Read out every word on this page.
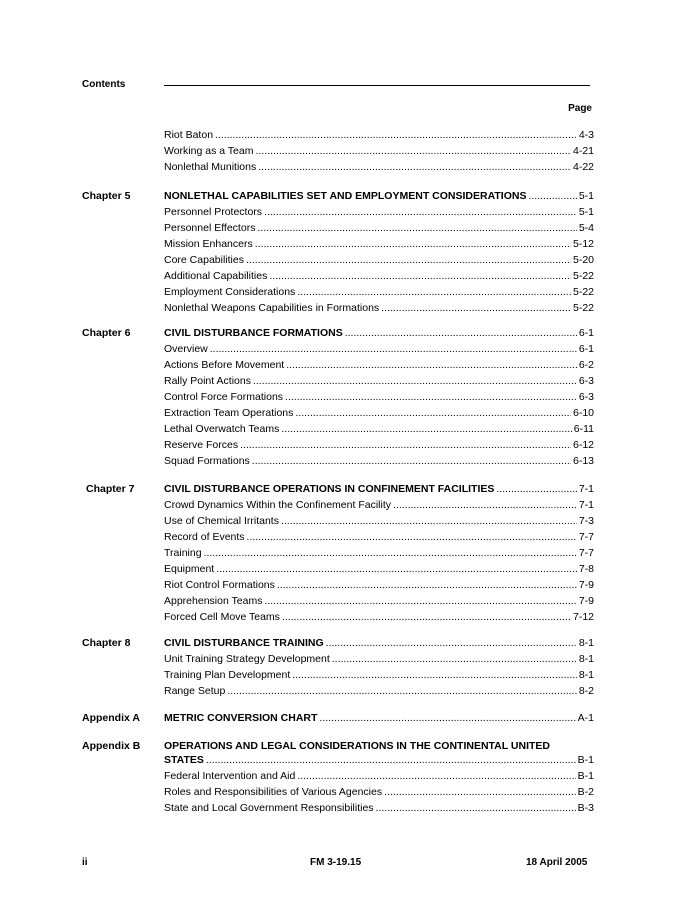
Contents
Page
Riot Baton .....	4-3
Working as a Team .....	4-21
Nonlethal Munitions .....	4-22
Chapter 5	NONLETHAL CAPABILITIES SET AND EMPLOYMENT CONSIDERATIONS .....	5-1
Personnel Protectors .....	5-1
Personnel Effectors .....	5-4
Mission Enhancers .....	5-12
Core Capabilities .....	5-20
Additional Capabilities .....	5-22
Employment Considerations .....	5-22
Nonlethal Weapons Capabilities in Formations .....	5-22
Chapter 6	CIVIL DISTURBANCE FORMATIONS .....	6-1
Overview .....	6-1
Actions Before Movement .....	6-2
Rally Point Actions .....	6-3
Control Force Formations .....	6-3
Extraction Team Operations .....	6-10
Lethal Overwatch Teams .....	6-11
Reserve Forces .....	6-12
Squad Formations .....	6-13
Chapter 7	CIVIL DISTURBANCE OPERATIONS IN CONFINEMENT FACILITIES .....	7-1
Crowd Dynamics Within the Confinement Facility .....	7-1
Use of Chemical Irritants .....	7-3
Record of Events .....	7-7
Training .....	7-7
Equipment .....	7-8
Riot Control Formations .....	7-9
Apprehension Teams .....	7-9
Forced Cell Move Teams .....	7-12
Chapter 8	CIVIL DISTURBANCE TRAINING .....	8-1
Unit Training Strategy Development .....	8-1
Training Plan Development .....	8-1
Range Setup .....	8-2
Appendix A METRIC CONVERSION CHART .....	A-1
Appendix B OPERATIONS AND LEGAL CONSIDERATIONS IN THE CONTINENTAL UNITED
STATES .....	B-1
Federal Intervention and Aid .....	B-1
Roles and Responsibilities of Various Agencies .....	B-2
State and Local Government Responsibilities .....	B-3
ii	FM 3-19.15	18 April 2005
